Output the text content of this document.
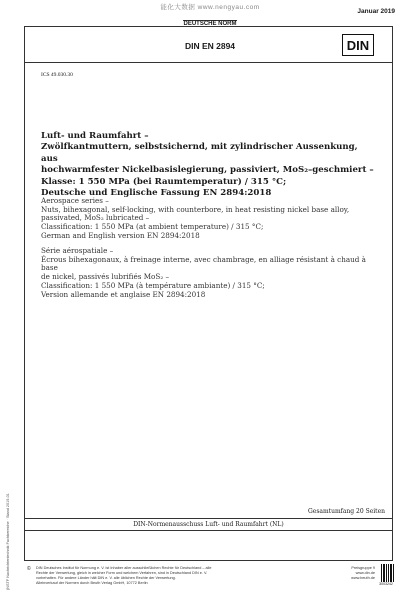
能化大数据 www.nengyau.com
DEUTSCHE NORM
Januar 2019
DIN EN 2894	DIN
ICS 49.030.30
Luft- und Raumfahrt –
Zwölfkantmuttern, selbstsichernd, mit zylindrischer Aussenkung, aus
hochwarmfester Nickelbasislegierung, passiviert, MoS₂–geschmiert –
Klasse: 1 550 MPa (bei Raumtemperatur) / 315 °C;
Deutsche und Englische Fassung EN 2894:2018
Aerospace series –
Nuts, bihexagonal, self-locking, with counterbore, in heat resisting nickel base alloy,
passivated, MoS₂ lubricated –
Classification: 1 550 MPa (at ambient temperature) / 315 °C;
German and English version EN 2894:2018
Série aérospatiale –
Écrous bihexagonaux, à freinage interne, avec chambrage, en alliage résistant à chaud à base
de nickel, passivés lubrifiés MoS₂ –
Classification: 1 550 MPa (à température ambiante) / 315 °C;
Version allemande et anglaise EN 2894:2018
Gesamtumfang 20 Seiten
DIN-Normenausschuss Luft- und Raumfahrt (NL)
© DIN Deutsches Institut für Normung e. V. ist Inhaber aller ausschließlichen Rechte für Deutschland – alle
Rechte der Verwertung, gleich in welcher Form und welchem Verfahren, sind in Deutschland DIN e. V.
vorbehalten. Für andere Länder hält DIN e. V. alle üblichen Rechte der Verwertung.
Alleinverkauf der Normen durch Beuth Verlag GmbH, 10772 Berlin
Preisgruppe 9
www.din.de
www.beuth.de
3003242
(NSTF Nachrichtentechnik Fachbereiche · Stand 2019-01
